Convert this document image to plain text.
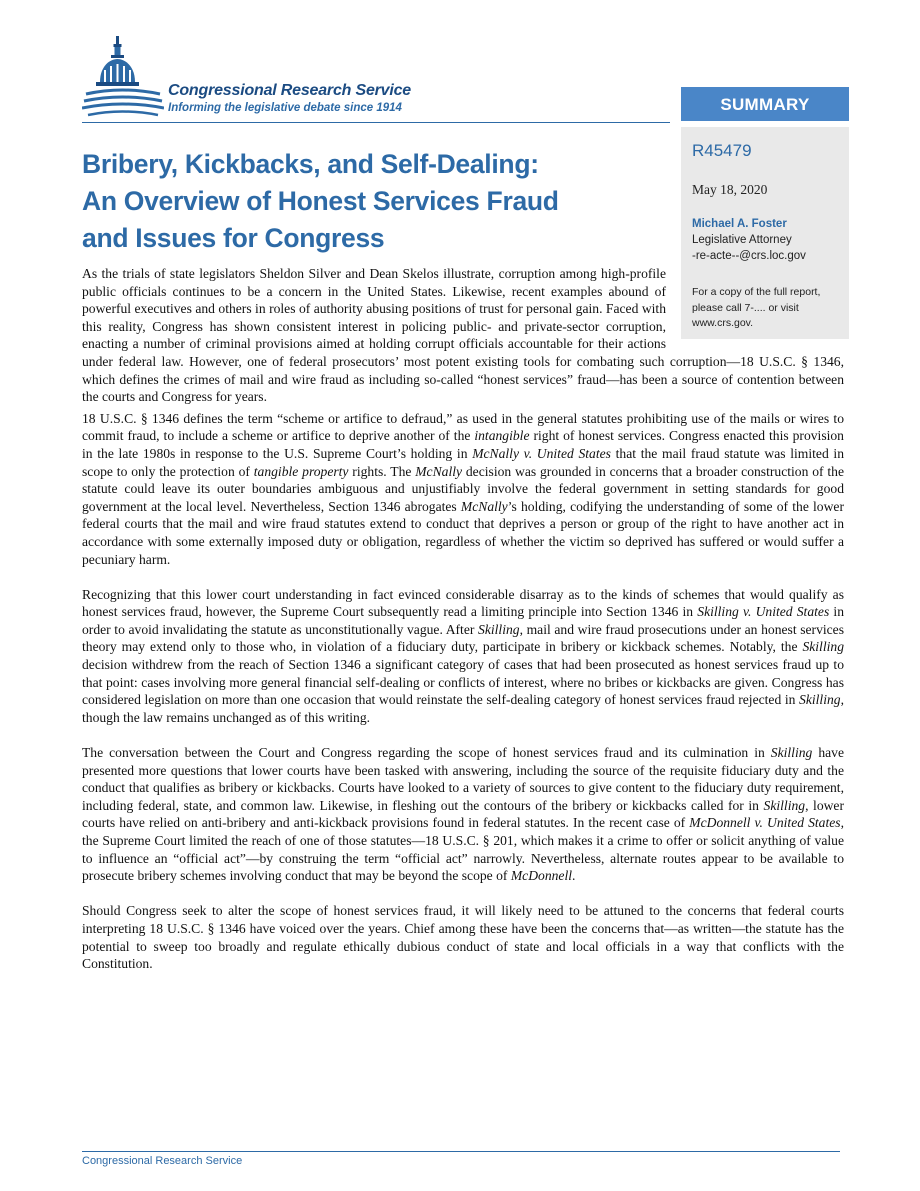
Congressional Research Service
Informing the legislative debate since 1914	SUMMARY
R45479
May 18, 2020
Michael A. Foster
Legislative Attorney
-re-acte--@crs.loc.gov
For a copy of the full report, please call 7-.... or visit www.crs.gov.
Bribery, Kickbacks, and Self-Dealing:
An Overview of Honest Services Fraud
and Issues for Congress

As the trials of state legislators Sheldon Silver and Dean Skelos illustrate, corruption among high-profile public officials continues to be a concern in the United States. Likewise, recent examples abound of powerful executives and others in roles of authority abusing positions of trust for personal gain. Faced with this reality, Congress has shown consistent interest in policing public- and private-sector corruption, enacting a number of criminal provisions aimed at holding corrupt officials accountable for their actions under federal law. However, one of federal prosecutors’ most potent existing tools for combating such corruption—18 U.S.C. § 1346, which defines the crimes of mail and wire fraud as including so-called “honest services” fraud—has been a source of contention between the courts and Congress for years.

18 U.S.C. § 1346 defines the term “scheme or artifice to defraud,” as used in the general statutes prohibiting use of the mails or wires to commit fraud, to include a scheme or artifice to deprive another of the intangible right of honest services. Congress enacted this provision in the late 1980s in response to the U.S. Supreme Court’s holding in McNally v. United States that the mail fraud statute was limited in scope to only the protection of tangible property rights. The McNally decision was grounded in concerns that a broader construction of the statute could leave its outer boundaries ambiguous and unjustifiably involve the federal government in setting standards for good government at the local level. Nevertheless, Section 1346 abrogates McNally’s holding, codifying the understanding of some of the lower federal courts that the mail and wire fraud statutes extend to conduct that deprives a person or group of the right to have another act in accordance with some externally imposed duty or obligation, regardless of whether the victim so deprived has suffered or would suffer a pecuniary harm.

Recognizing that this lower court understanding in fact evinced considerable disarray as to the kinds of schemes that would qualify as honest services fraud, however, the Supreme Court subsequently read a limiting principle into Section 1346 in Skilling v. United States in order to avoid invalidating the statute as unconstitutionally vague. After Skilling, mail and wire fraud prosecutions under an honest services theory may extend only to those who, in violation of a fiduciary duty, participate in bribery or kickback schemes. Notably, the Skilling decision withdrew from the reach of Section 1346 a significant category of cases that had been prosecuted as honest services fraud up to that point: cases involving more general financial self-dealing or conflicts of interest, where no bribes or kickbacks are given. Congress has considered legislation on more than one occasion that would reinstate the self-dealing category of honest services fraud rejected in Skilling, though the law remains unchanged as of this writing.

The conversation between the Court and Congress regarding the scope of honest services fraud and its culmination in Skilling have presented more questions that lower courts have been tasked with answering, including the source of the requisite fiduciary duty and the conduct that qualifies as bribery or kickbacks. Courts have looked to a variety of sources to give content to the fiduciary duty requirement, including federal, state, and common law. Likewise, in fleshing out the contours of the bribery or kickbacks called for in Skilling, lower courts have relied on anti-bribery and anti-kickback provisions found in federal statutes. In the recent case of McDonnell v. United States, the Supreme Court limited the reach of one of those statutes—18 U.S.C. § 201, which makes it a crime to offer or solicit anything of value to influence an “official act”—by construing the term “official act” narrowly. Nevertheless, alternate routes appear to be available to prosecute bribery schemes involving conduct that may be beyond the scope of McDonnell.

Should Congress seek to alter the scope of honest services fraud, it will likely need to be attuned to the concerns that federal courts interpreting 18 U.S.C. § 1346 have voiced over the years. Chief among these have been the concerns that—as written—the statute has the potential to sweep too broadly and regulate ethically dubious conduct of state and local officials in a way that conflicts with the Constitution.

Congressional Research Service
